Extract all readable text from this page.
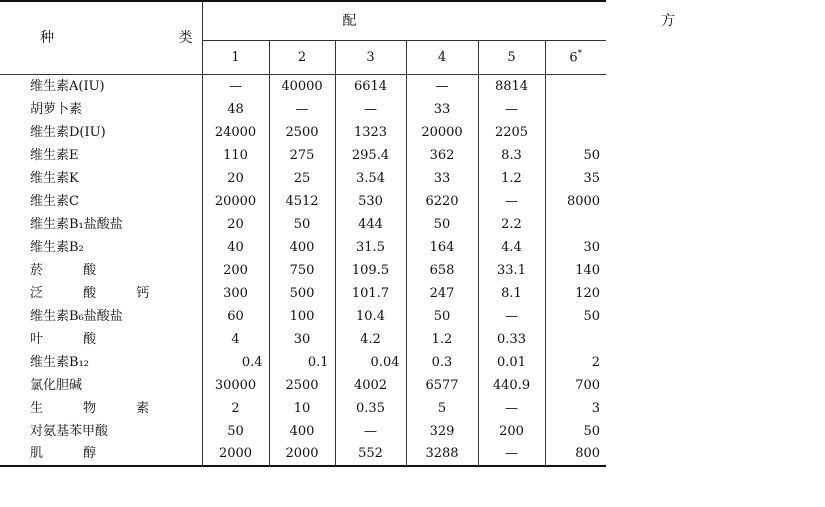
种 类	配 方					
	1	2	3	4	5	6*
维生素A(IU)	—	40000	6614	—	8814	
胡萝卜素	48	—	—	33	—	
维生素D(IU)	24000	2500	1323	20000	2205	
维生素E	110	275	295.4	362	8.3	50
维生素K	20	25	3.54	33	1.2	35
维生素C	20000	4512	530	6220	—	8000
维生素B₁盐酸盐	20	50	444	50	2.2	
维生素B₂	40	400	31.5	164	4.4	30
菸 酸	200	750	109.5	658	33.1	140
泛 酸 钙	300	500	101.7	247	8.1	120
维生素B₆盐酸盐	60	100	10.4	50	—	50
叶 酸	4	30	4.2	1.2	0.33	
维生素B₁₂	0.4	0.1	0.04	0.3	0.01	2
氯化胆碱	30000	2500	4002	6577	440.9	700
生 物 素	2	10	0.35	5	—	3
对氨基苯甲酸	50	400	—	329	200	50
肌 醇	2000	2000	552	3288	—	800
